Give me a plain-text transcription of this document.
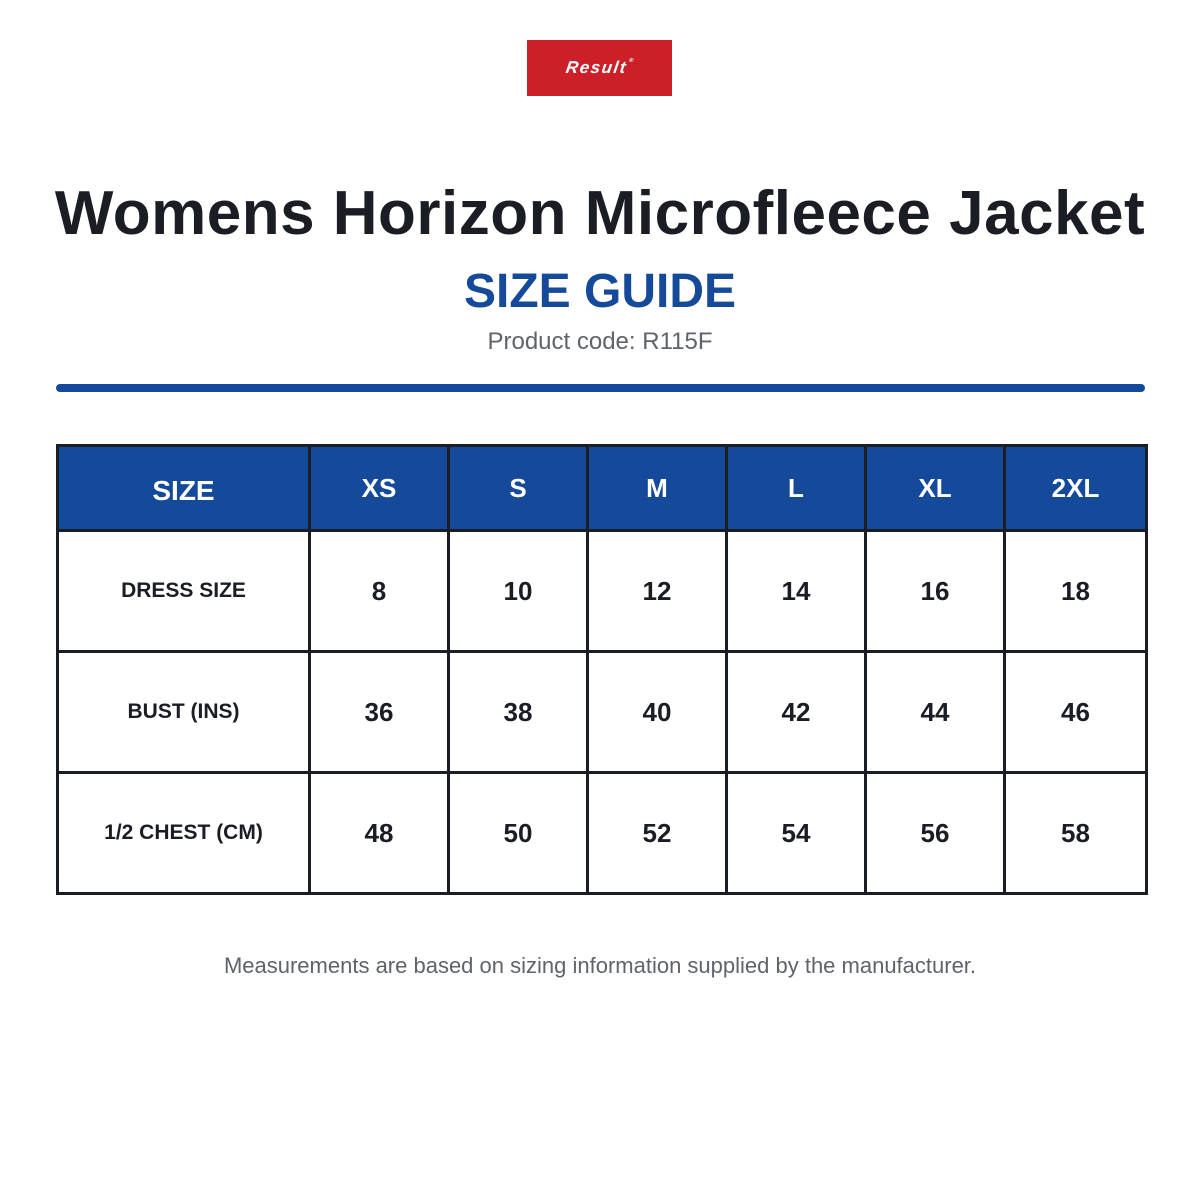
Result®
Womens Horizon Microfleece Jacket
SIZE GUIDE
Product code: R115F
SIZE	XS	S	M	L	XL	2XL
DRESS SIZE	8	10	12	14	16	18
BUST (INS)	36	38	40	42	44	46
1/2 CHEST (CM)	48	50	52	54	56	58
Measurements are based on sizing information supplied by the manufacturer.
